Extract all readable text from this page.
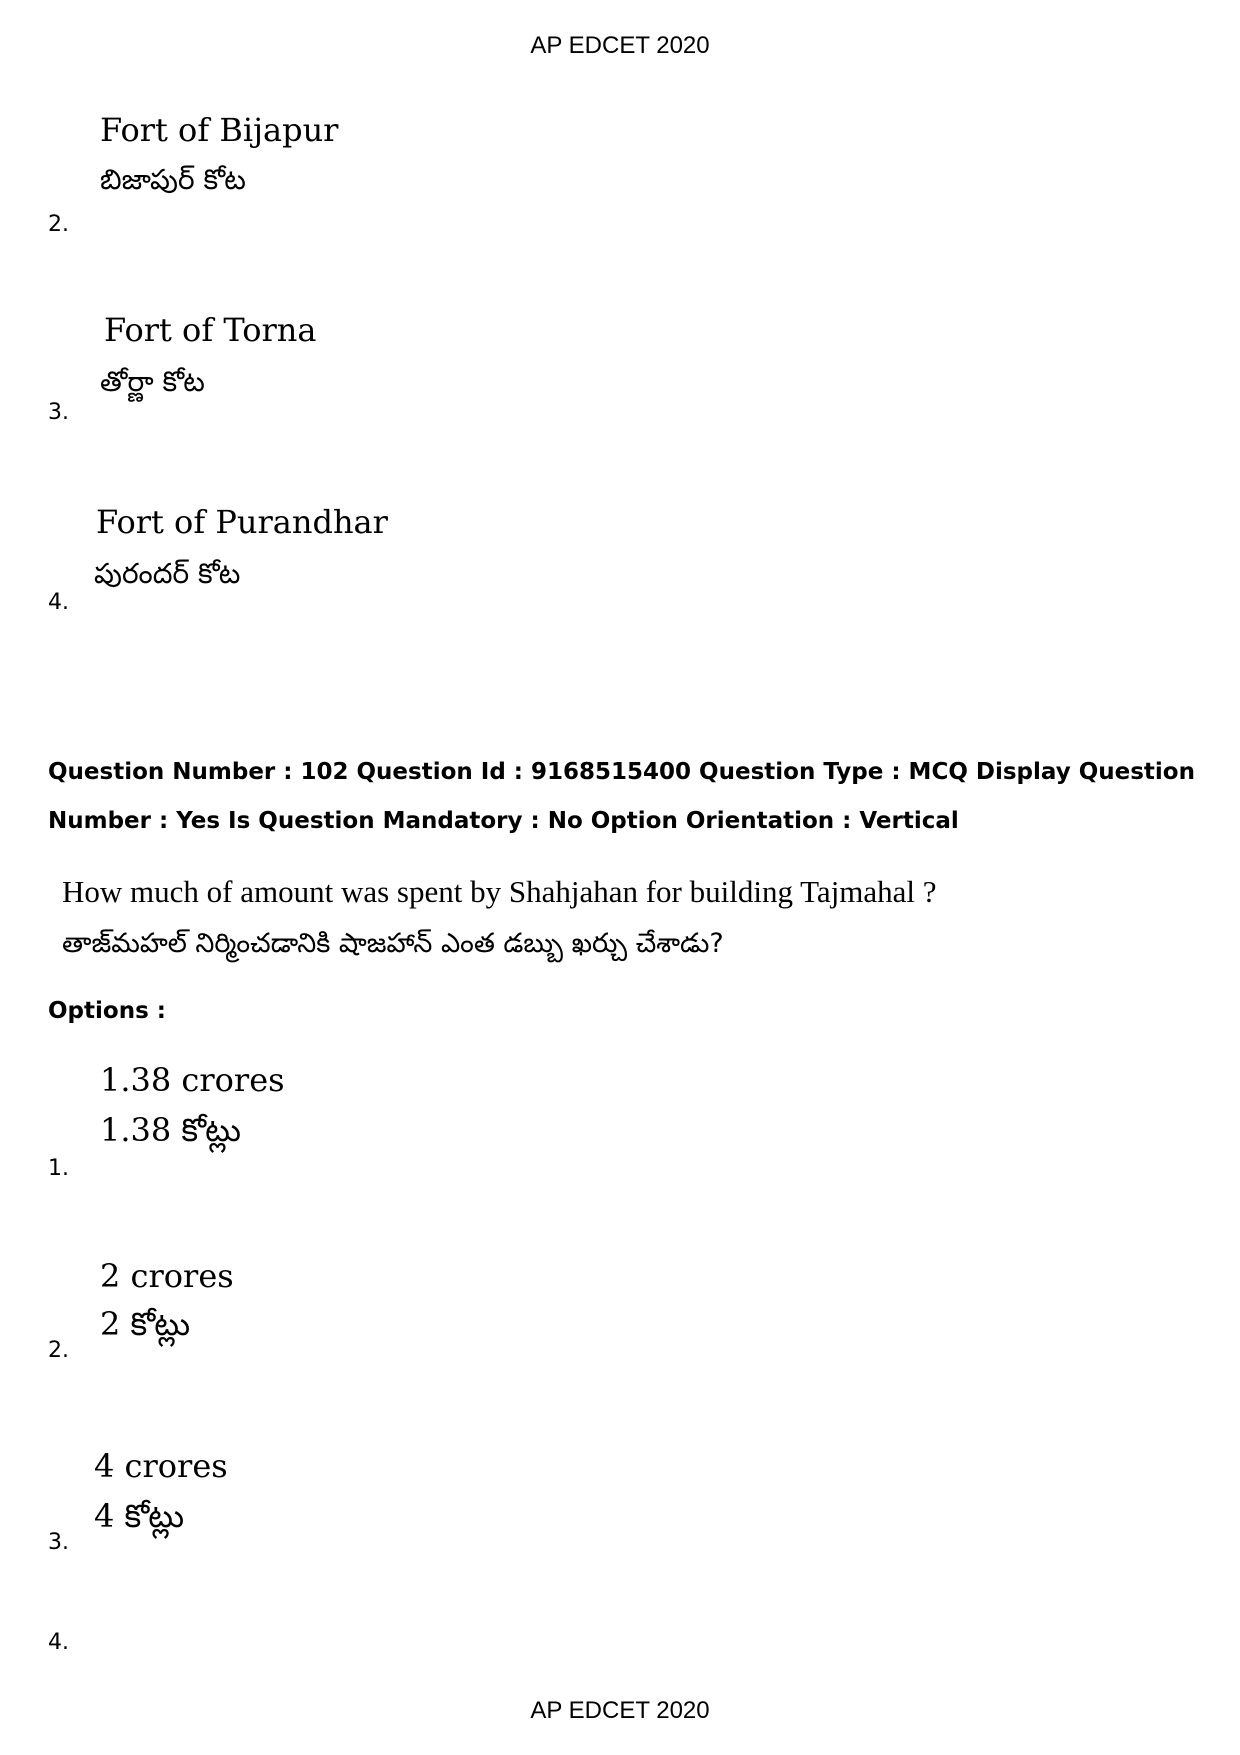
AP EDCET 2020
Fort of Bijapur
బిజాపుర్ కోట
2.
Fort of Torna
తోర్ణా కోట
3.
Fort of Purandhar
పురందర్ కోట
4.
Question Number : 102 Question Id : 9168515400 Question Type : MCQ Display Question
Number : Yes Is Question Mandatory : No Option Orientation : Vertical
How much of amount was spent by Shahjahan for building Tajmahal ?
తాజ్‌మహల్ నిర్మించడానికి షాజహాన్ ఎంత డబ్బు ఖర్చు చేశాడు?
Options :
1.38 crores
1.38 కోట్లు
1.
2 crores
2 కోట్లు
2.
4 crores
4 కోట్లు
3.
4.
AP EDCET 2020
